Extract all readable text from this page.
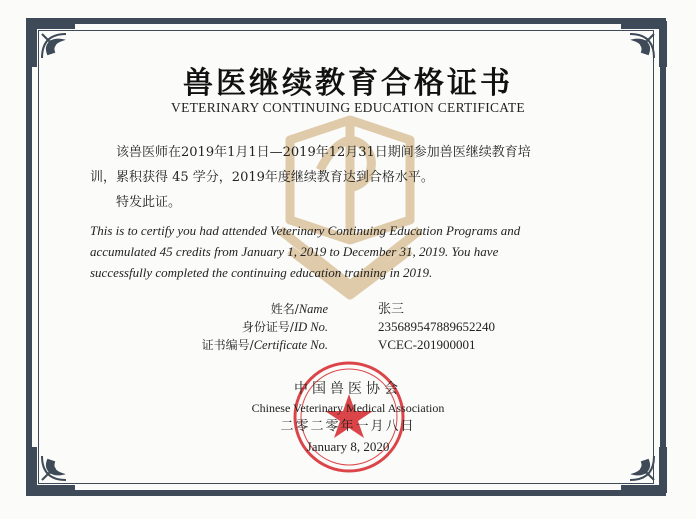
兽医继续教育合格证书
VETERINARY CONTINUING EDUCATION CERTIFICATE

该兽医师在2019年1月1日—2019年12月31日期间参加兽医继续教育培

训，累积获得 45 学分，2019年度继续教育达到合格水平。

特发此证。

This is to certify you had attended Veterinary Continuing Education Programs and
accumulated 45 credits from January 1, 2019 to December 31, 2019. You have
successfully completed the continuing education training in 2019.
姓名/Name	张三
身份证号/ID No.	235689547889652240
证书编号/Certificate No.	VCEC-201900001
中国兽医协会
Chinese Veterinary Medical Association
二零二零年一月八日
January 8, 2020
